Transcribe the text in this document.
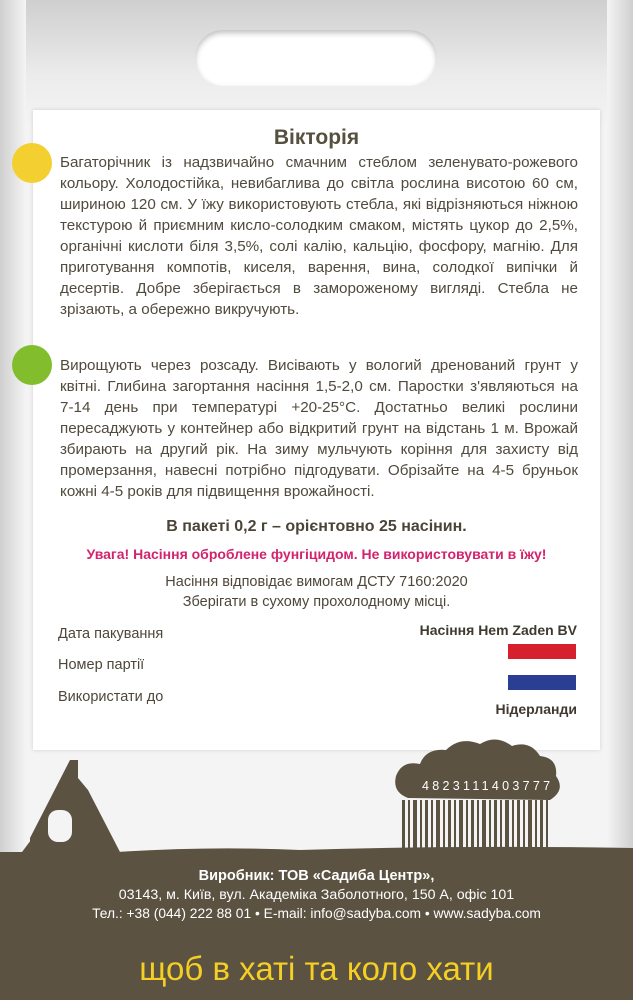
Вікторія

Багаторічник із надзвичайно смачним стеблом зеленувато-рожевого кольору. Холодостійка, невибаглива до світла рослина висотою 60 см, шириною 120 см. У їжу використовують стебла, які відрізняються ніжною текстурою й приємним кисло-солодким смаком, містять цукор до 2,5%, органічні кислоти біля 3,5%, солі калію, кальцію, фосфору, магнію. Для приготування компотів, киселя, варення, вина, солодкої випічки й десертів. Добре зберігається в замороженому вигляді. Стебла не зрізають, а обережно викручують.

Вирощують через розсаду. Висівають у вологий дренований грунт у квітні. Глибина загортання насіння 1,5-2,0 см. Паростки з'являються на 7-14 день при температурі +20-25°С. Достатньо великі рослини пересаджують у контейнер або відкритий грунт на відстань 1 м. Врожай збирають на другий рік. На зиму мульчують коріння для захисту від промерзання, навесні потрібно підгодувати. Обрізайте на 4-5 бруньок кожні 4-5 років для підвищення врожайності.

В пакеті 0,2 г – орієнтовно 25 насінин.
Увага! Насіння оброблене фунгіцидом. Не використовувати в їжу!
Насіння відповідає вимогам ДСТУ 7160:2020
Зберігати в сухому прохолодному місці.
Дата пакування
Номер партії
Використати до
Насіння Hem Zaden BV
Нідерланди
4823111403777
Виробник: ТОВ «Садиба Центр»,
03143, м. Київ, вул. Академіка Заболотного, 150 А, офіс 101
Тел.: +38 (044) 222 88 01 • E-mail: info@sadyba.com • www.sadyba.com
щоб в хаті та коло хати
